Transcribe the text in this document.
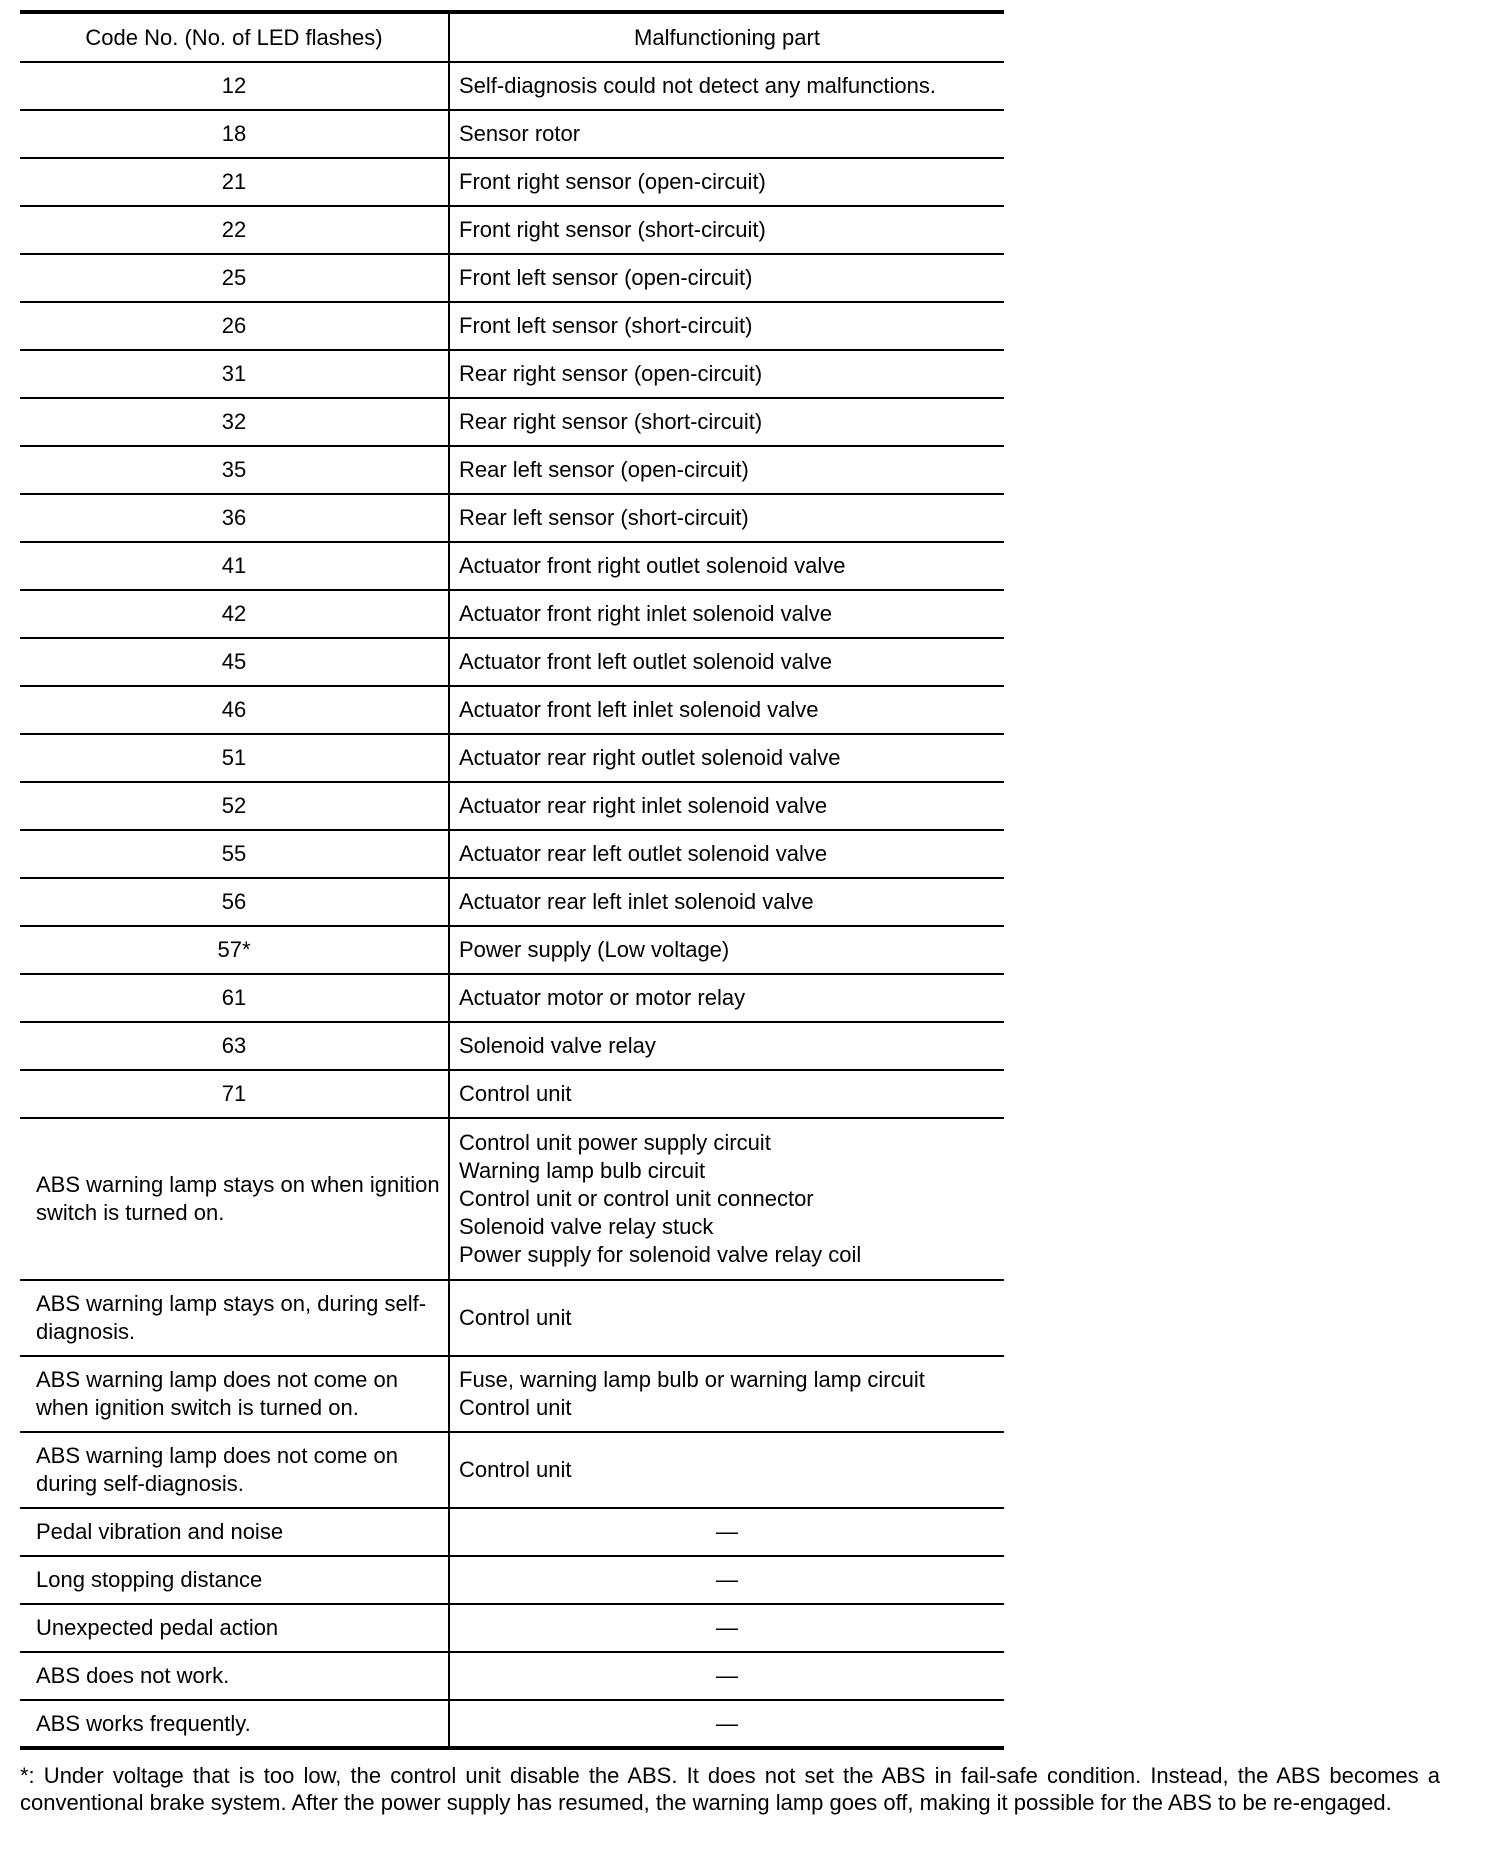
Code No. (No. of LED flashes)	Malfunctioning part
12	Self-diagnosis could not detect any malfunctions.
18	Sensor rotor
21	Front right sensor (open-circuit)
22	Front right sensor (short-circuit)
25	Front left sensor (open-circuit)
26	Front left sensor (short-circuit)
31	Rear right sensor (open-circuit)
32	Rear right sensor (short-circuit)
35	Rear left sensor (open-circuit)
36	Rear left sensor (short-circuit)
41	Actuator front right outlet solenoid valve
42	Actuator front right inlet solenoid valve
45	Actuator front left outlet solenoid valve
46	Actuator front left inlet solenoid valve
51	Actuator rear right outlet solenoid valve
52	Actuator rear right inlet solenoid valve
55	Actuator rear left outlet solenoid valve
56	Actuator rear left inlet solenoid valve
57*	Power supply (Low voltage)
61	Actuator motor or motor relay
63	Solenoid valve relay
71	Control unit
ABS warning lamp stays on when ignition switch is turned on.	Control unit power supply circuit
Warning lamp bulb circuit
Control unit or control unit connector
Solenoid valve relay stuck
Power supply for solenoid valve relay coil
ABS warning lamp stays on, during self-diagnosis.	Control unit
ABS warning lamp does not come on when ignition switch is turned on.	Fuse, warning lamp bulb or warning lamp circuit
Control unit
ABS warning lamp does not come on during self-diagnosis.	Control unit
Pedal vibration and noise	—
Long stopping distance	—
Unexpected pedal action	—
ABS does not work.	—
ABS works frequently.	—

*: Under voltage that is too low, the control unit disable the ABS. It does not set the ABS in fail-safe condition. Instead, the ABS becomes a conventional brake system. After the power supply has resumed, the warning lamp goes off, making it possible for the ABS to be re-engaged.
